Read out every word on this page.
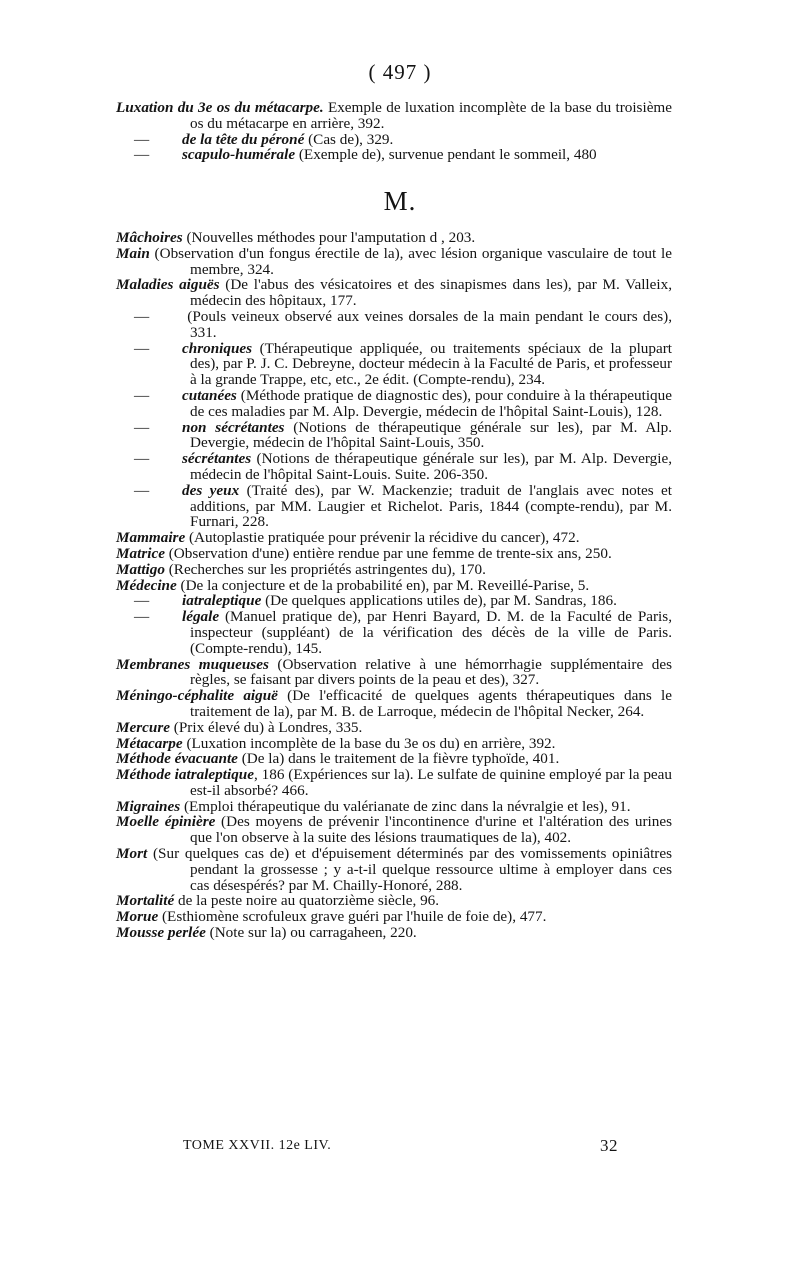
( 497 )

Luxation du 3e os du métacarpe. Exemple de luxation incomplète de la base du troisième os du métacarpe en arrière, 392.

— de la tête du péroné (Cas de), 329.

— scapulo-humérale (Exemple de), survenue pendant le sommeil, 480

M.

Mâchoires (Nouvelles méthodes pour l'amputation d , 203.

Main (Observation d'un fongus érectile de la), avec lésion organique vasculaire de tout le membre, 324.

Maladies aiguës (De l'abus des vésicatoires et des sinapismes dans les), par M. Valleix, médecin des hôpitaux, 177.

— (Pouls veineux observé aux veines dorsales de la main pendant le cours des), 331.

— chroniques (Thérapeutique appliquée, ou traitements spéciaux de la plupart des), par P. J. C. Debreyne, docteur médecin à la Faculté de Paris, et professeur à la grande Trappe, etc, etc., 2e édit. (Compte-rendu), 234.

— cutanées (Méthode pratique de diagnostic des), pour conduire à la thérapeutique de ces maladies par M. Alp. Devergie, médecin de l'hôpital Saint-Louis), 128.

— non sécrétantes (Notions de thérapeutique générale sur les), par M. Alp. Devergie, médecin de l'hôpital Saint-Louis, 350.

— sécrétantes (Notions de thérapeutique générale sur les), par M. Alp. Devergie, médecin de l'hôpital Saint-Louis. Suite. 206-350.

— des yeux (Traité des), par W. Mackenzie; traduit de l'anglais avec notes et additions, par MM. Laugier et Richelot. Paris, 1844 (compte-rendu), par M. Furnari, 228.

Mammaire (Autoplastie pratiquée pour prévenir la récidive du cancer), 472.

Matrice (Observation d'une) entière rendue par une femme de trente-six ans, 250.

Mattigo (Recherches sur les propriétés astringentes du), 170.

Médecine (De la conjecture et de la probabilité en), par M. Reveillé-Parise, 5.

— iatraleptique (De quelques applications utiles de), par M. Sandras, 186.

— légale (Manuel pratique de), par Henri Bayard, D. M. de la Faculté de Paris, inspecteur (suppléant) de la vérification des décès de la ville de Paris. (Compte-rendu), 145.

Membranes muqueuses (Observation relative à une hémorrhagie supplémentaire des règles, se faisant par divers points de la peau et des), 327.

Méningo-céphalite aiguë (De l'efficacité de quelques agents thérapeutiques dans le traitement de la), par M. B. de Larroque, médecin de l'hôpital Necker, 264.

Mercure (Prix élevé du) à Londres, 335.

Métacarpe (Luxation incomplète de la base du 3e os du) en arrière, 392.

Méthode évacuante (De la) dans le traitement de la fièvre typhoïde, 401.

Méthode iatraleptique, 186 (Expériences sur la). Le sulfate de quinine employé par la peau est-il absorbé? 466.

Migraines (Emploi thérapeutique du valérianate de zinc dans la névralgie et les), 91.

Moelle épinière (Des moyens de prévenir l'incontinence d'urine et l'altération des urines que l'on observe à la suite des lésions traumatiques de la), 402.

Mort (Sur quelques cas de) et d'épuisement déterminés par des vomissements opiniâtres pendant la grossesse ; y a-t-il quelque ressource ultime à employer dans ces cas désespérés? par M. Chailly-Honoré, 288.

Mortalité de la peste noire au quatorzième siècle, 96.

Morue (Esthiomène scrofuleux grave guéri par l'huile de foie de), 477.

Mousse perlée (Note sur la) ou carragaheen, 220.

TOME XXVII. 12e LIV.	32
